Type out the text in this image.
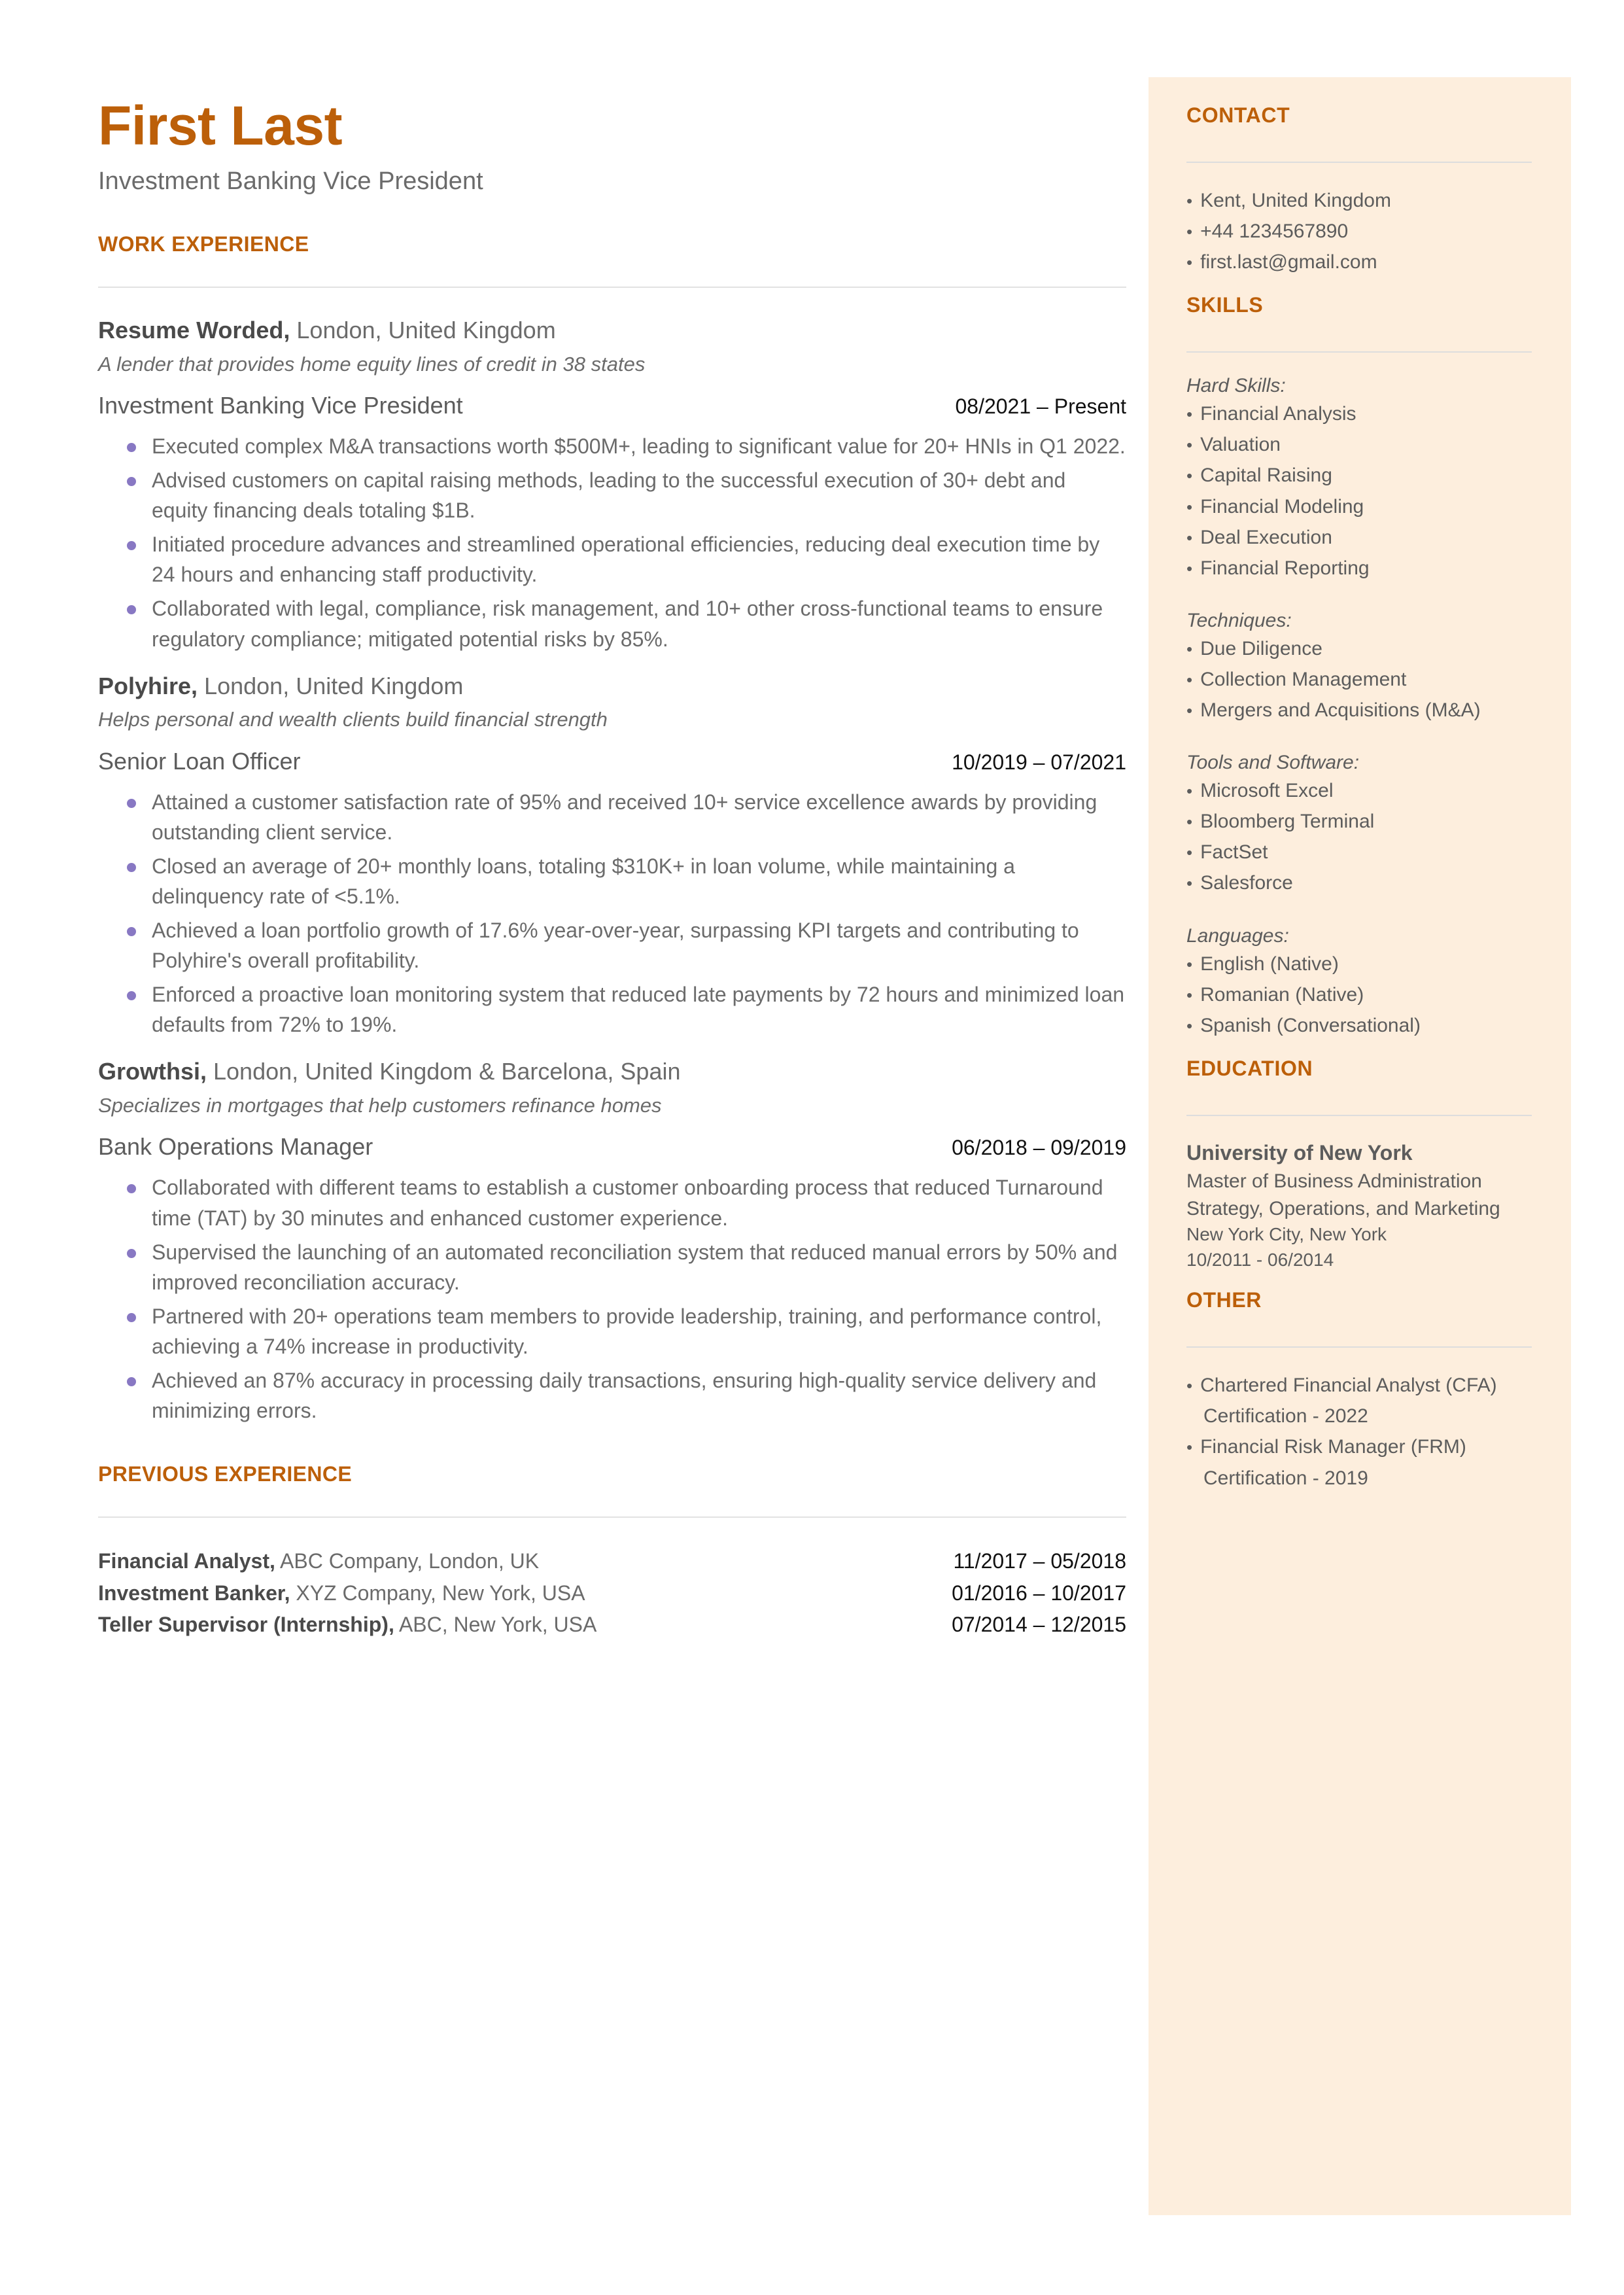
CONTACT
• Kent, United Kingdom
• +44 1234567890
• first.last@gmail.com
SKILLS
Hard Skills:
• Financial Analysis
• Valuation
• Capital Raising
• Financial Modeling
• Deal Execution
• Financial Reporting
Techniques:
• Due Diligence
• Collection Management
• Mergers and Acquisitions (M&A)
Tools and Software:
• Microsoft Excel
• Bloomberg Terminal
• FactSet
• Salesforce
Languages:
• English (Native)
• Romanian (Native)
• Spanish (Conversational)
EDUCATION
University of New York
Master of Business Administration
Strategy, Operations, and Marketing
New York City, New York
10/2011 - 06/2014
OTHER
• Chartered Financial Analyst (CFA) Certification - 2022
• Financial Risk Manager (FRM) Certification - 2019
First Last
Investment Banking Vice President
WORK EXPERIENCE
Resume Worded, London, United Kingdom
A lender that provides home equity lines of credit in 38 states
Investment Banking Vice President	08/2021 – Present
Executed complex M&A transactions worth $500M+, leading to significant value for 20+ HNIs in Q1 2022.
Advised customers on capital raising methods, leading to the successful execution of 30+ debt and equity financing deals totaling $1B.
Initiated procedure advances and streamlined operational efficiencies, reducing deal execution time by 24 hours and enhancing staff productivity.
Collaborated with legal, compliance, risk management, and 10+ other cross-functional teams to ensure regulatory compliance; mitigated potential risks by 85%.
Polyhire, London, United Kingdom
Helps personal and wealth clients build financial strength
Senior Loan Officer	10/2019 – 07/2021
Attained a customer satisfaction rate of 95% and received 10+ service excellence awards by providing outstanding client service.
Closed an average of 20+ monthly loans, totaling $310K+ in loan volume, while maintaining a delinquency rate of <5.1%.
Achieved a loan portfolio growth of 17.6% year-over-year, surpassing KPI targets and contributing to Polyhire's overall profitability.
Enforced a proactive loan monitoring system that reduced late payments by 72 hours and minimized loan defaults from 72% to 19%.
Growthsi, London, United Kingdom & Barcelona, Spain
Specializes in mortgages that help customers refinance homes
Bank Operations Manager	06/2018 – 09/2019
Collaborated with different teams to establish a customer onboarding process that reduced Turnaround time (TAT) by 30 minutes and enhanced customer experience.
Supervised the launching of an automated reconciliation system that reduced manual errors by 50% and improved reconciliation accuracy.
Partnered with 20+ operations team members to provide leadership, training, and performance control, achieving a 74% increase in productivity.
Achieved an 87% accuracy in processing daily transactions, ensuring high-quality service delivery and minimizing errors.
PREVIOUS EXPERIENCE
Financial Analyst, ABC Company, London, UK	11/2017 – 05/2018
Investment Banker, XYZ Company, New York, USA	01/2016 – 10/2017
Teller Supervisor (Internship), ABC, New York, USA	07/2014 – 12/2015
